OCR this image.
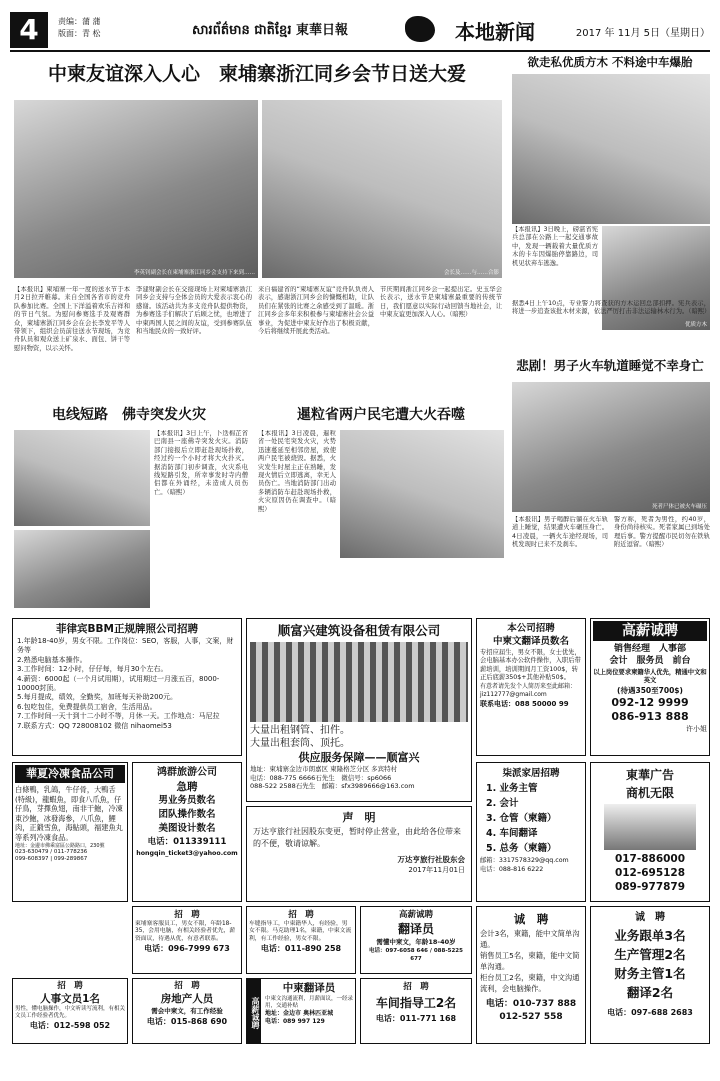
4	责编：蒲 蒲
版面：青 松	សារព័ត៌មាន ជាតិខ្មែរ 東華日報	本地新闻	2017 年 11月 5日（星期日）
中柬友谊深入人心　柬埔寨浙江同乡会节日送大爱
李英钊副会长在柬埔寨浙江同乡会支持下来到……	会长及……与……合影
【本报讯】柬埔寨一年一度的送水节于本月2日拉开帷幕。来自全国各省市的竞舟队参加比赛。全国上下洋溢着欢乐吉祥和的节日气氛。为慰问参赛选手及观赛群众，柬埔寨浙江同乡会在会长李发平等人带领下，组织会员前往送水节现场，为竞舟队员和观众送上矿泉水、面包、饼干等慰问物资，以示关怀。
李建财副会长在交接现场上对柬埔寨浙江同乡会支持与全体会员的大爱表示衷心的感谢。该活动共为多支竞舟队提供物资，为参赛选手们解决了后顾之忧，也增进了中柬两国人民之间的友谊，受到参赛队伍和当地民众的一致好评。
来自福建省的“柬埔寨友谊”竞舟队负责人表示，感谢浙江同乡会的慷慨相助，让队员们在紧张的比赛之余感受到了温暖。浙江同乡会多年来积极参与柬埔寨社会公益事业，为促进中柬友好作出了积极贡献，今后将继续开展此类活动。
节庆期间浙江同乡会一起提出定。史玉华会长表示，送水节是柬埔寨最重要的传统节日，我们愿意以实际行动回馈当地社会，让中柬友谊更加深入人心。（暗熙）
欲走私优质方木 不料途中车爆胎
【本报讯】3日晚上，磅湛省宪兵总部在公路上一起交通事故中，发现一辆载着大量优质方木的卡车因爆胎停靠路边，司机见状弃车逃逸。
优质方木
据悉4日上午10点，专业警力将查获的方木运回总部扣押。宪兵表示，将进一步追查该批木材来源，依法严厉打击非法运输林木行为。（暗熙）
悲剧！男子火车轨道睡觉不幸身亡
死者尸体已被火车碾压
【本报讯】男子喝醉后躺在火车轨道上睡觉，结果遭火车碾压身亡。4日凌晨，一辆火车途经现场，司机发现时已来不及刹车。
警方称，死者为男性，约40岁，身份尚待核实。死者家属已到场处理后事。警方提醒市民切勿在铁轨附近逗留。（暗熙）
电线短路　佛寺突发火灾
【本报讯】3日上午，卜迭棉芷省巴南县一座佛寺突发火灾。消防部门接报后立即赶赴现场扑救，经过约一个小时才将大火扑灭。据消防部门初步调查，火灾系电线短路引发，所幸事发时寺内僧侣都在外诵经，未造成人员伤亡。（暗熙）
暹粒省两户民宅遭大火吞噬
【本报讯】3日凌晨，暹粒省一处民宅突发火灾，火势迅速蔓延至相邻房屋，致使两户民宅被烧毁。据悉，火灾发生时屋主正在熟睡，发现火情后立即逃离，幸无人员伤亡。当地消防部门出动多辆消防车赶赴现场扑救，火灾原因仍在调查中。（暗熙）
菲律宾BBM正规牌照公司招聘
1.年龄18-40岁，男女不限。工作岗位：SEO，客服，人事，文案，财务等
2.熟悉电脑基本操作。
3.工作时间：12小时，仔仔每，每月30个左右。
4.薪资：6000起（一个月试用期），试用期过一月涨五百，8000-10000封顶。
5.每月提成，绩效，全勤奖，加班每天补助200元。
6.包吃包住，免费提供员工宿舍，生活用品。
7.工作时间一天十到十二小时不等，月休一天。工作地点：马尼拉
7.联系方式：QQ 728008102 微信 nihaomei53
顺富兴建筑设备租赁有限公司
大量出租钢管、扣件。
大量出租套筒、顶托。
供应服务保障——顺富兴
地址：柬埔寨金边市朗嘉区 柬隆格芝分区 多宾特村
电话：088-775 6666石先生　微信号：sp6066
088-522 2588石先生　邮箱：sfx3989666@163.com
本公司招聘
中柬文翻译员数名
专招应届生，男女不限，女士优先，会电脑基本办公软件操作，入职后带薪培训，培训期间月工资100$，转正后底薪350$+其他补贴50$。
有意者请先发个人简历来至此邮箱：jiz112777@gmail.com
联系电话：088 50000 99
高薪诚聘
销售经理　人事部
会计　服务员　前台
以上岗位要求柬籍华人优先，精通中文和英文
(待遇350至700$)
092-12 9999
086-913 888
许小姐
華夏冷凍食品公司
白條鴨，乳鴿，牛仔骨，大鴨舌(特級)，龍蝦魚，即食八爪魚，仔仔鳥，芽擇魚翅，南非干鮑，冷凍東沙鮑，冰發海參，八爪魚，鯉肉，正鍛雪魚，海鮎頭，福建魚丸等系列冷凍食品。
地址：金邊市佛乘富區公路路口，230號
023-630479 / 011-778236
099-608397 | 099-289867
鸿群旅游公司
急聘
男业务员数名
团队操作数名
美图设计数名
电话：011339111
hongqin_ticket3@yahoo.com
声　明
万达亨旅行社因股东变更，暂时停止营业，由此给各位带来的不便，敬请谅解。
万达亨旅行社股东会
2017年11月01日
柒派家居招聘
1. 业务主管
2. 会计
3. 仓管（柬籍）
4. 车间翻译
5. 总务（柬籍）
邮箱：3317578329@qq.com
电话：088-816 6222
東華广告
商机无限
017-886000
012-695128
089-977879
招　聘
柬埔寨客服员工，男女不限，年龄18-35，会用电脑，有相关经验者优先，薪资面议，待遇从优，有意者联系。
电话：096-7999 673
招　聘
车缝指导工，中柬籍华人，有经验，男女不限。马克助理1名，柬籍，中柬文流利，有工作经验，男女不限。
电话：011-890 258
高薪诚聘
翻译员
需懂中柬文，年龄18-40岁
电话：097-6058 646 / 088-5225 677
诚　聘
会计3名，柬籍，能中文简单沟通。
销售员工5名，柬籍，能中文简单沟通。
柜台员工2名，柬籍，中文沟通流利，会电脑操作。
电话：010-737 888
012-527 558
诚　聘
业务跟单3名
生产管理2名
财务主管1名
翻译2名
电话：097-688 2683
招　聘
人事文员1名
男性，懂电脑操作，中文听读写流利，有相关文员工作经验者优先。
电话：012-598 052
招　聘
房地产人员
需会中柬文，有工作经验
电话：015-868 690	高薪诚聘
中柬翻译员
中柬文沟通流利，月薪面议，一经录用，交通补贴
地址：金边市 奥林匹亚城
电话：089 997 129
招　聘
车间指导工2名
电话：011-771 168
